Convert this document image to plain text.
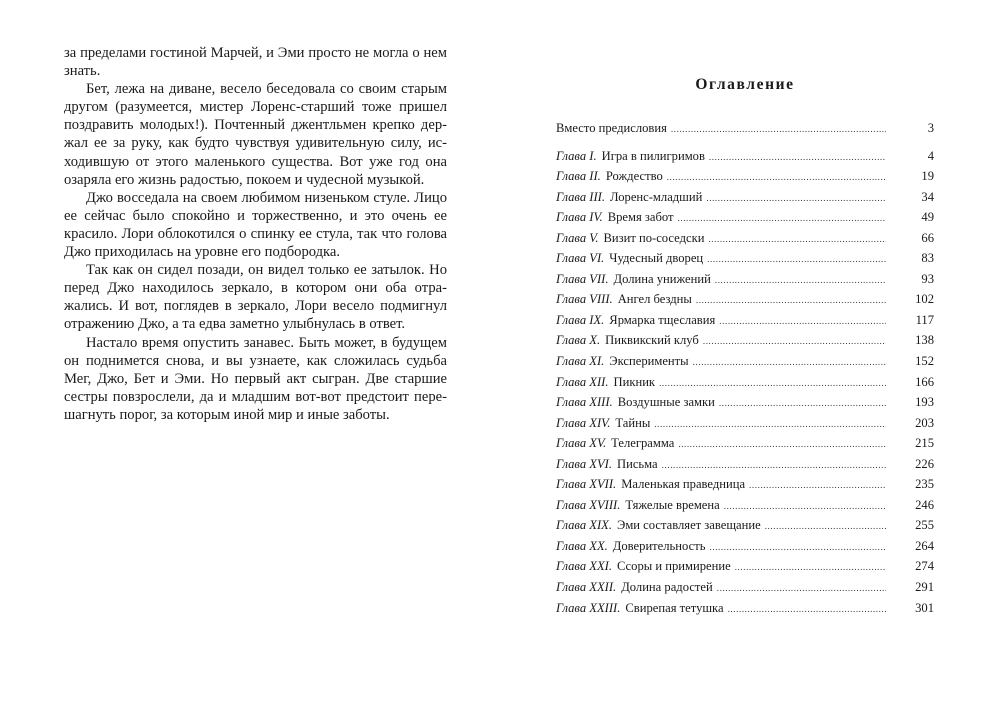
за пределами гостиной Марчей, и Эми просто не могла о нем знать.

Бет, лежа на диване, весело беседовала со своим старым другом (разумеется, мистер Лоренс-старший тоже пришел поздравить молодых!). Почтенный джентльмен крепко держал ее за руку, как будто чувствуя удивительную силу, исходившую от этого маленького существа. Вот уже год она озаряла его жизнь радостью, покоем и чудесной музыкой.

Джо восседала на своем любимом низеньком стуле. Лицо ее сейчас было спокойно и торжественно, и это очень ее красило. Лори облокотился о спинку ее стула, так что голова Джо приходилась на уровне его подбородка.

Так как он сидел позади, он видел только ее затылок. Но перед Джо находилось зеркало, в котором они оба отражались. И вот, поглядев в зеркало, Лори весело подмигнул отражению Джо, а та едва заметно улыбнулась в ответ.

Настало время опустить занавес. Быть может, в будущем он поднимется снова, и вы узнаете, как сложилась судьба Мег, Джо, Бет и Эми. Но первый акт сыгран. Две старшие сестры повзрослели, да и младшим вот-вот предстоит перешагнуть порог, за которым иной мир и иные заботы.

Оглавление
Вместо предисловия .....	3
Глава I. Игра в пилигримов .....	4
Глава II. Рождество .....	19
Глава III. Лоренс-младший .....	34
Глава IV. Время забот .....	49
Глава V. Визит по-соседски .....	66
Глава VI. Чудесный дворец .....	83
Глава VII. Долина унижений .....	93
Глава VIII. Ангел бездны .....	102
Глава IX. Ярмарка тщеславия .....	117
Глава X. Пиквикский клуб .....	138
Глава XI. Эксперименты .....	152
Глава XII. Пикник .....	166
Глава XIII. Воздушные замки .....	193
Глава XIV. Тайны .....	203
Глава XV. Телеграмма .....	215
Глава XVI. Письма .....	226
Глава XVII. Маленькая праведница .....	235
Глава XVIII. Тяжелые времена .....	246
Глава XIX. Эми составляет завещание .....	255
Глава XX. Доверительность .....	264
Глава XXI. Ссоры и примирение .....	274
Глава XXII. Долина радостей .....	291
Глава XXIII. Свирепая тетушка .....	301
